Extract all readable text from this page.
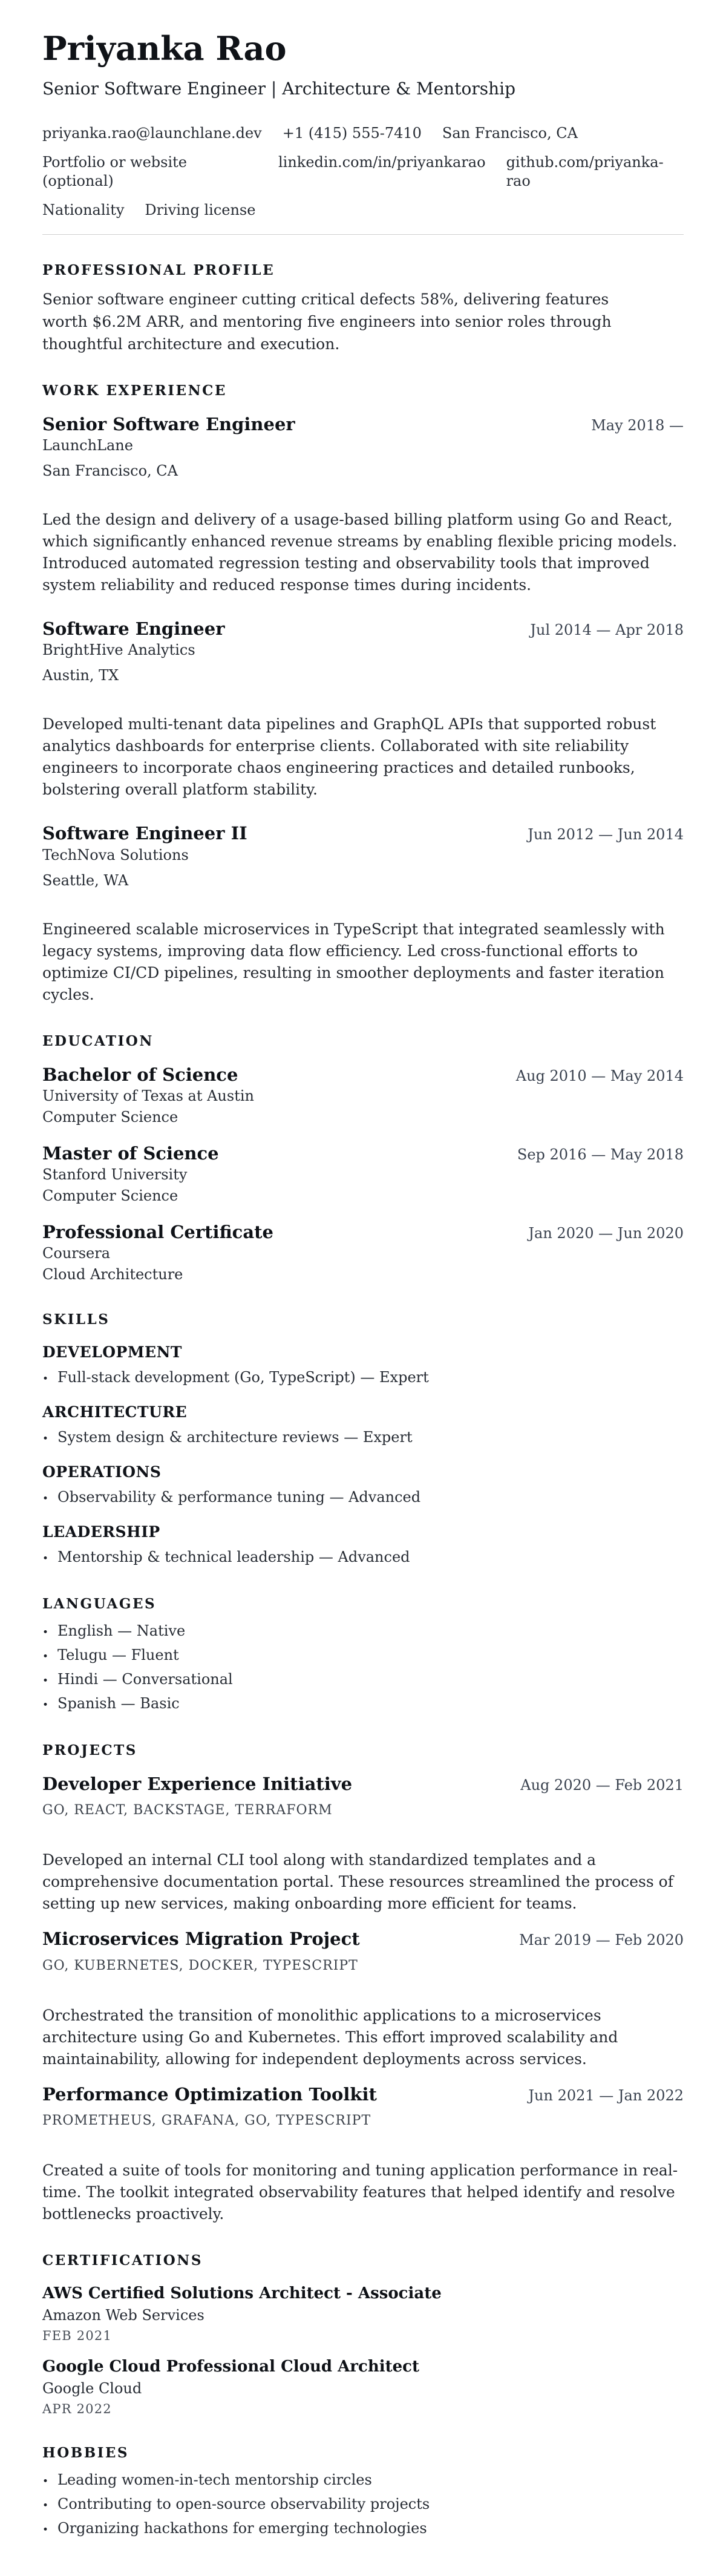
Priyanka Rao
Senior Software Engineer | Architecture & Mentorship
priyanka.rao@launchlane.dev +1 (415) 555-7410 San Francisco, CA
Portfolio or website (optional)
linkedin.com/in/priyankarao github.com/priyanka-rao
Nationality Driving license
PROFESSIONAL PROFILE

Senior software engineer cutting critical defects 58%, delivering features worth $6.2M ARR, and mentoring five engineers into senior roles through thoughtful architecture and execution.

WORK EXPERIENCE
Senior Software Engineer	May 2018 —
LaunchLane
San Francisco, CA

Led the design and delivery of a usage-based billing platform using Go and React, which significantly enhanced revenue streams by enabling flexible pricing models. Introduced automated regression testing and observability tools that improved system reliability and reduced response times during incidents.

Software Engineer	Jul 2014 — Apr 2018
BrightHive Analytics
Austin, TX

Developed multi-tenant data pipelines and GraphQL APIs that supported robust analytics dashboards for enterprise clients. Collaborated with site reliability engineers to incorporate chaos engineering practices and detailed runbooks, bolstering overall platform stability.

Software Engineer II	Jun 2012 — Jun 2014
TechNova Solutions
Seattle, WA

Engineered scalable microservices in TypeScript that integrated seamlessly with legacy systems, improving data flow efficiency. Led cross-functional efforts to optimize CI/CD pipelines, resulting in smoother deployments and faster iteration cycles.

EDUCATION
Bachelor of Science	Aug 2010 — May 2014
University of Texas at Austin
Computer Science
Master of Science	Sep 2016 — May 2018
Stanford University
Computer Science
Professional Certificate	Jan 2020 — Jun 2020
Coursera
Cloud Architecture
SKILLS
DEVELOPMENT
• Full-stack development (Go, TypeScript) — Expert
ARCHITECTURE
• System design & architecture reviews — Expert
OPERATIONS
• Observability & performance tuning — Advanced
LEADERSHIP
• Mentorship & technical leadership — Advanced
LANGUAGES
• English — Native
• Telugu — Fluent
• Hindi — Conversational
• Spanish — Basic
PROJECTS
Developer Experience Initiative	Aug 2020 — Feb 2021
GO, REACT, BACKSTAGE, TERRAFORM

Developed an internal CLI tool along with standardized templates and a comprehensive documentation portal. These resources streamlined the process of setting up new services, making onboarding more efficient for teams.

Microservices Migration Project	Mar 2019 — Feb 2020
GO, KUBERNETES, DOCKER, TYPESCRIPT

Orchestrated the transition of monolithic applications to a microservices architecture using Go and Kubernetes. This effort improved scalability and maintainability, allowing for independent deployments across services.

Performance Optimization Toolkit	Jun 2021 — Jan 2022
PROMETHEUS, GRAFANA, GO, TYPESCRIPT

Created a suite of tools for monitoring and tuning application performance in real-time. The toolkit integrated observability features that helped identify and resolve bottlenecks proactively.

CERTIFICATIONS
AWS Certified Solutions Architect - Associate
Amazon Web Services
FEB 2021
Google Cloud Professional Cloud Architect
Google Cloud
APR 2022
HOBBIES
• Leading women-in-tech mentorship circles
• Contributing to open-source observability projects
• Organizing hackathons for emerging technologies
